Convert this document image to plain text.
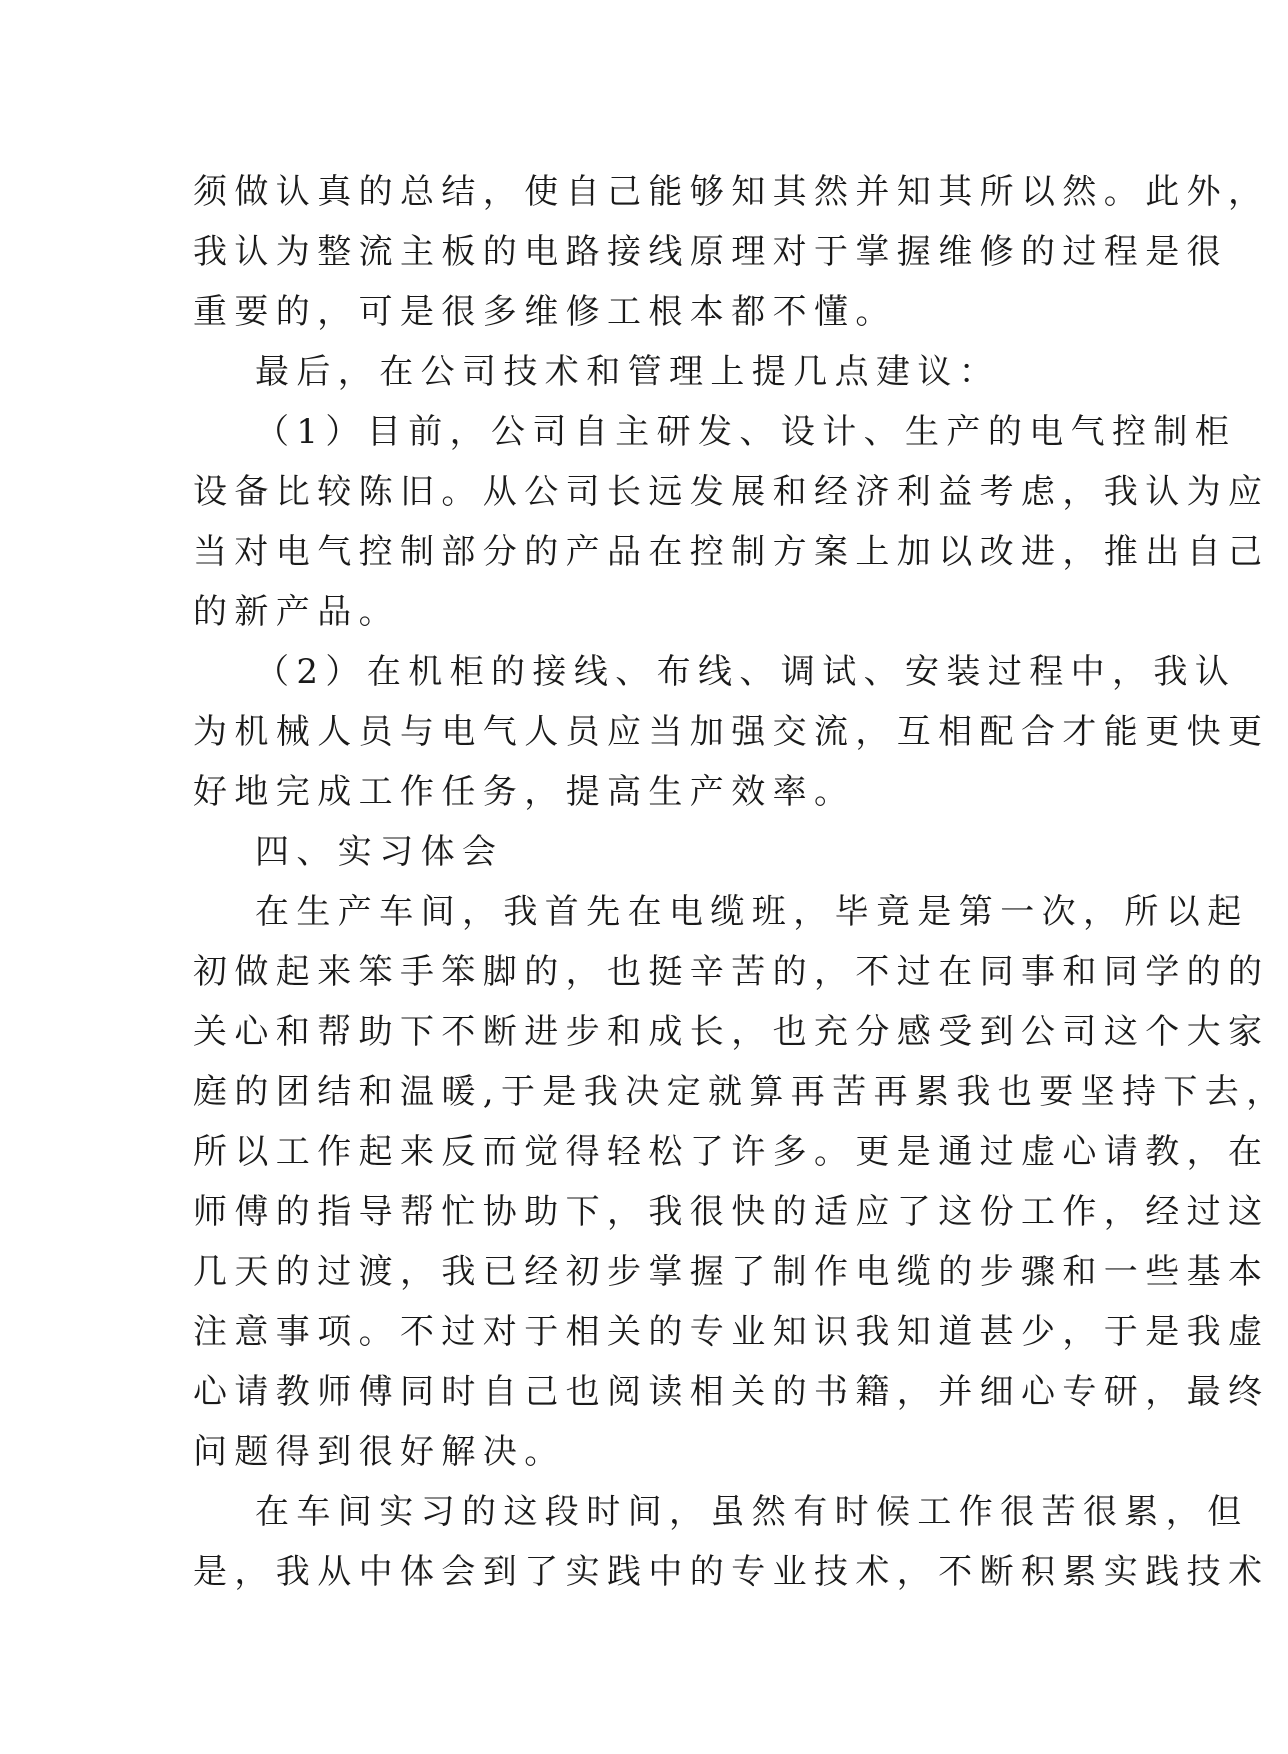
须做认真的总结，使自己能够知其然并知其所以然。此外，
我认为整流主板的电路接线原理对于掌握维修的过程是很
重要的，可是很多维修工根本都不懂。
最后，在公司技术和管理上提几点建议：
（1）目前，公司自主研发、设计、生产的电气控制柜
设备比较陈旧。从公司长远发展和经济利益考虑，我认为应
当对电气控制部分的产品在控制方案上加以改进，推出自己
的新产品。
（2）在机柜的接线、布线、调试、安装过程中，我认
为机械人员与电气人员应当加强交流，互相配合才能更快更
好地完成工作任务，提高生产效率。
四、实习体会
在生产车间，我首先在电缆班，毕竟是第一次，所以起
初做起来笨手笨脚的，也挺辛苦的，不过在同事和同学的的
关心和帮助下不断进步和成长，也充分感受到公司这个大家
庭的团结和温暖,于是我决定就算再苦再累我也要坚持下去，
所以工作起来反而觉得轻松了许多。更是通过虚心请教，在
师傅的指导帮忙协助下，我很快的适应了这份工作，经过这
几天的过渡，我已经初步掌握了制作电缆的步骤和一些基本
注意事项。不过对于相关的专业知识我知道甚少，于是我虚
心请教师傅同时自己也阅读相关的书籍，并细心专研，最终
问题得到很好解决。
在车间实习的这段时间，虽然有时候工作很苦很累，但
是，我从中体会到了实践中的专业技术，不断积累实践技术
